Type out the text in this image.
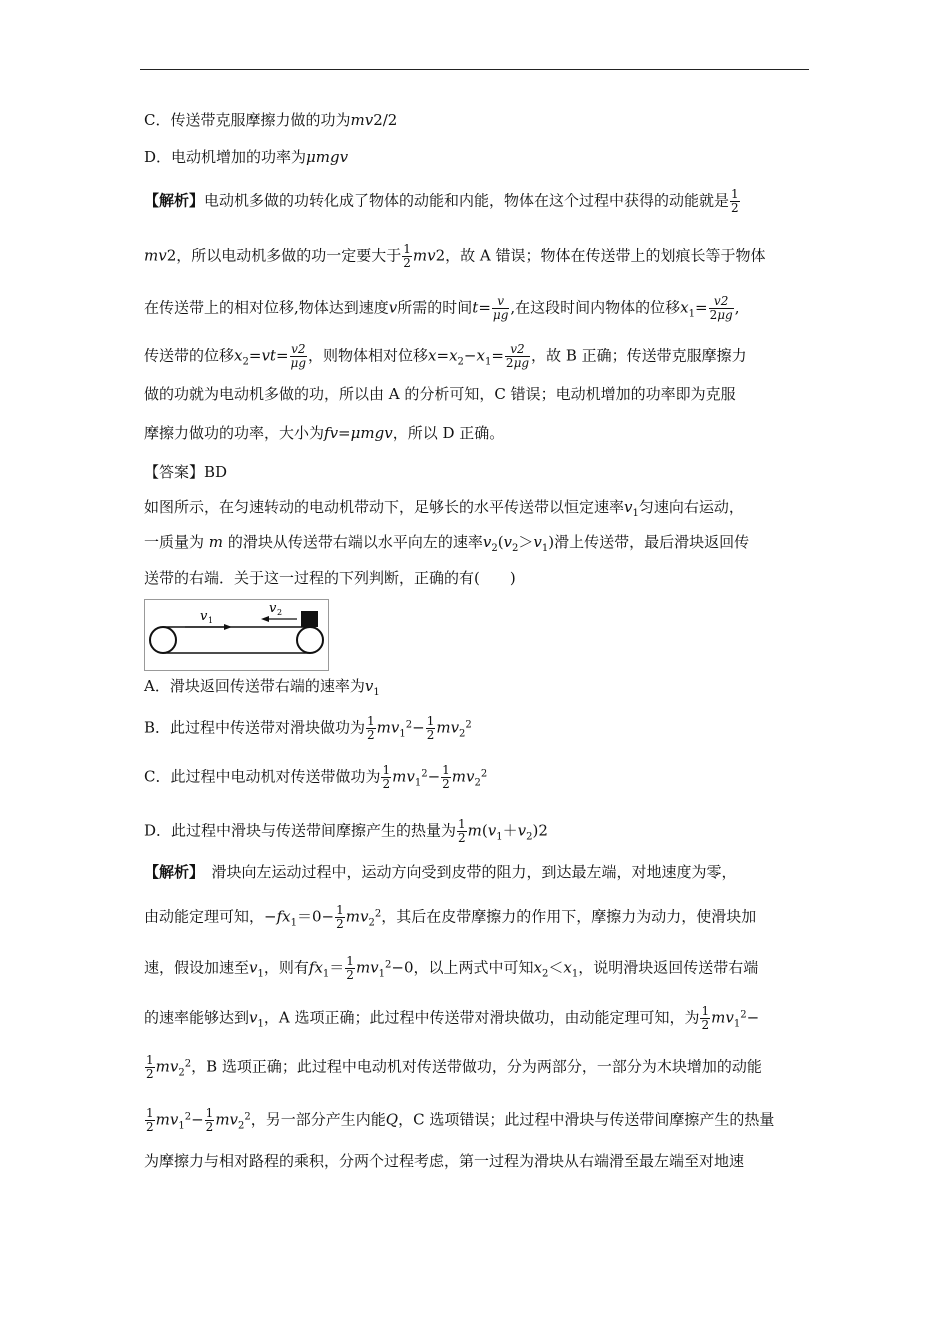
C．传送带克服摩擦力做的功为mv2/2
D．电动机增加的功率为μmgv
【解析】电动机多做的功转化成了物体的动能和内能，物体在这个过程中获得的动能就是 $\frac{1}{2}$
mv2，所以电动机多做的功一定要大于 $\frac{1}{2} mv2$，故 A 错误；物体在传送带上的划痕长等于物体
在传送带上的相对位移,物体达到速度v所需的时间$t= \frac{v}{\mu g}$ ,在这段时间内物体的位移$x_1= \frac{v2}{2\mu g}$ ,
传送带的位移$x_2=vt= \frac{v2}{\mu g}$ ，则物体相对位移$x=x_2-x_1= \frac{v2}{2\mu g}$ ，故 B 正确；传送带克服摩擦力
做的功就为电动机多做的功，所以由 A 的分析可知，C 错误；电动机增加的功率即为克服
摩擦力做功的功率，大小为fv=μmgv，所以 D 正确。
【答案】BD
如图所示，在匀速转动的电动机带动下，足够长的水平传送带以恒定速率$v_1$匀速向右运动，
一质量为 m 的滑块从传送带右端以水平向左的速率$v_2(v_2>v_1)$滑上传送带，最后滑块返回传
送带的右端．关于这一过程的下列判断，正确的有(　　)
v 1
v 2
A．滑块返回传送带右端的速率为$v_1$
B．此过程中传送带对滑块做功为 $\frac{1}{2} mv_1^2- \frac{1}{2} mv_2^2$
C．此过程中电动机对传送带做功为 $\frac{1}{2} mv_1^2- \frac{1}{2} mv_2^2$
D．此过程中滑块与传送带间摩擦产生的热量为 $\frac{1}{2} m(v_1+v_2)2$
【解析】　 滑块向左运动过程中，运动方向受到皮带的阻力，到达最左端，对地速度为零，
由动能定理可知，$-fx_1=0- \frac{1}{2} mv_2^2$，其后在皮带摩擦力的作用下，摩擦力为动力，使滑块加
速，假设加速至$v_1$，则有$fx_1= \frac{1}{2} mv_1^2-0$，以上两式中可知$x_2<x_1$，说明滑块返回传送带右端
的速率能够达到$v_1$，A 选项正确；此过程中传送带对滑块做功，由动能定理可知，为 $\frac{1}{2} mv_1^2-$
$\frac{1}{2} mv_2^2$，B 选项正确；此过程中电动机对传送带做功，分为两部分，一部分为木块增加的动能
$\frac{1}{2} mv_1^2- \frac{1}{2} mv_2^2$，另一部分产生内能Q，C 选项错误；此过程中滑块与传送带间摩擦产生的热量
为摩擦力与相对路程的乘积，分两个过程考虑，第一过程为滑块从右端滑至最左端至对地速
